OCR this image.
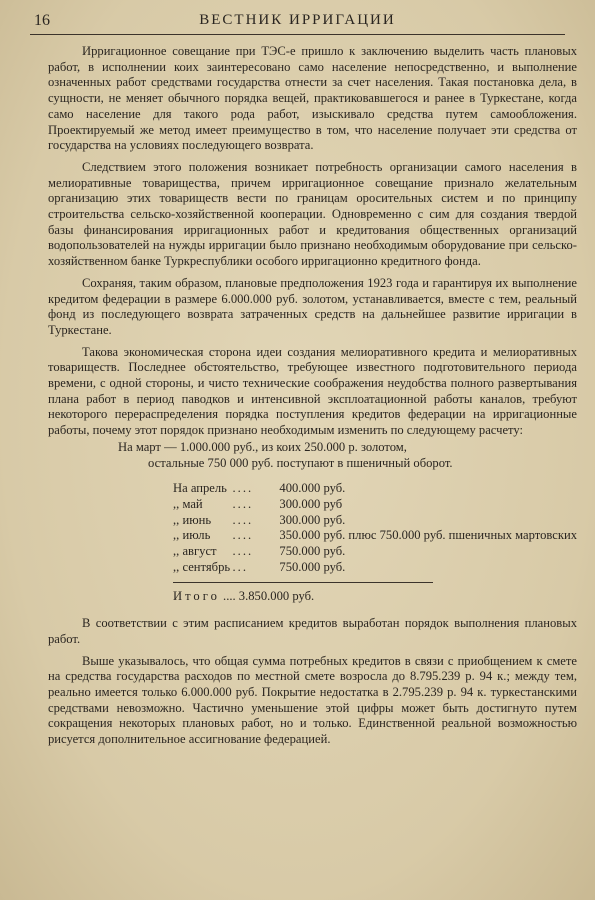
16	ВЕСТНИК ИРРИГАЦИИ

Ирригационное совещание при ТЭС-е пришло к заключению выделить часть плановых работ, в исполнении коих заинтересовано само население непосредственно, и выполнение означенных работ средствами государства отнести за счет населения. Такая постановка дела, в сущности, не меняет обычного порядка вещей, практиковавшегося и ранее в Туркестане, когда само население для такого рода работ, изыскивало средства путем самообложения. Проектируемый же метод имеет преимущество в том, что население получает эти средства от государства на условиях последующего возврата.

Следствием этого положения возникает потребность организации самого населения в мелиоративные товарищества, причем ирригационное совещание признало желательным организацию этих товариществ вести по границам оросительных систем и по принципу строительства сельско-хозяйственной кооперации. Одновременно с сим для создания твердой базы финансирования ирригационных работ и кредитования общественных организаций водопользователей на нужды ирригации было признано необходимым оборудование при сельско-хозяйственном банке Туркреспублики особого ирригационно кредитного фонда.

Сохраняя, таким образом, плановые предположения 1923 года и гарантируя их выполнение кредитом федерации в размере 6.000.000 руб. золотом, устанавливается, вместе с тем, реальный фонд из последующего возврата затраченных средств на дальнейшее развитие ирригации в Туркестане.

Такова экономическая сторона идеи создания мелиоративного кредита и мелиоративных товариществ. Последнее обстоятельство, требующее известного подготовительного периода времени, с одной стороны, и чисто технические соображения неудобства полного развертывания плана работ в период паводков и интенсивной эксплоатационной работы каналов, требуют некоторого перераспределения порядка поступления кредитов федерации на ирригационные работы, почему этот порядок признано необходимым изменить по следующему расчету:

На март — 1.000.000 руб., из коих 250.000 р. золотом,
остальные 750 000 руб. поступают в пшеничный оборот.
На апрель	....	400.000 руб.
,, май	....	300.000 руб
,, июнь	....	300.000 руб.
,, июль	....	350.000 руб. плюс 750.000 руб. пшеничных мартовских
,, август	....	750.000 руб.
,, сентябрь	...	750.000 руб.
Итого .... 3.850.000 руб.

В соответствии с этим расписанием кредитов выработан порядок выполнения плановых работ.

Выше указывалось, что общая сумма потребных кредитов в связи с приобщением к смете на средства государства расходов по местной смете возросла до 8.795.239 р. 94 к.; между тем, реально имеется только 6.000.000 руб. Покрытие недостатка в 2.795.239 р. 94 к. туркестанскими средствами невозможно. Частично уменьшение этой цифры может быть достигнуто путем сокращения некоторых плановых работ, но и только. Единственной реальной возможностью рисуется дополнительное ассигнование федерацией.
